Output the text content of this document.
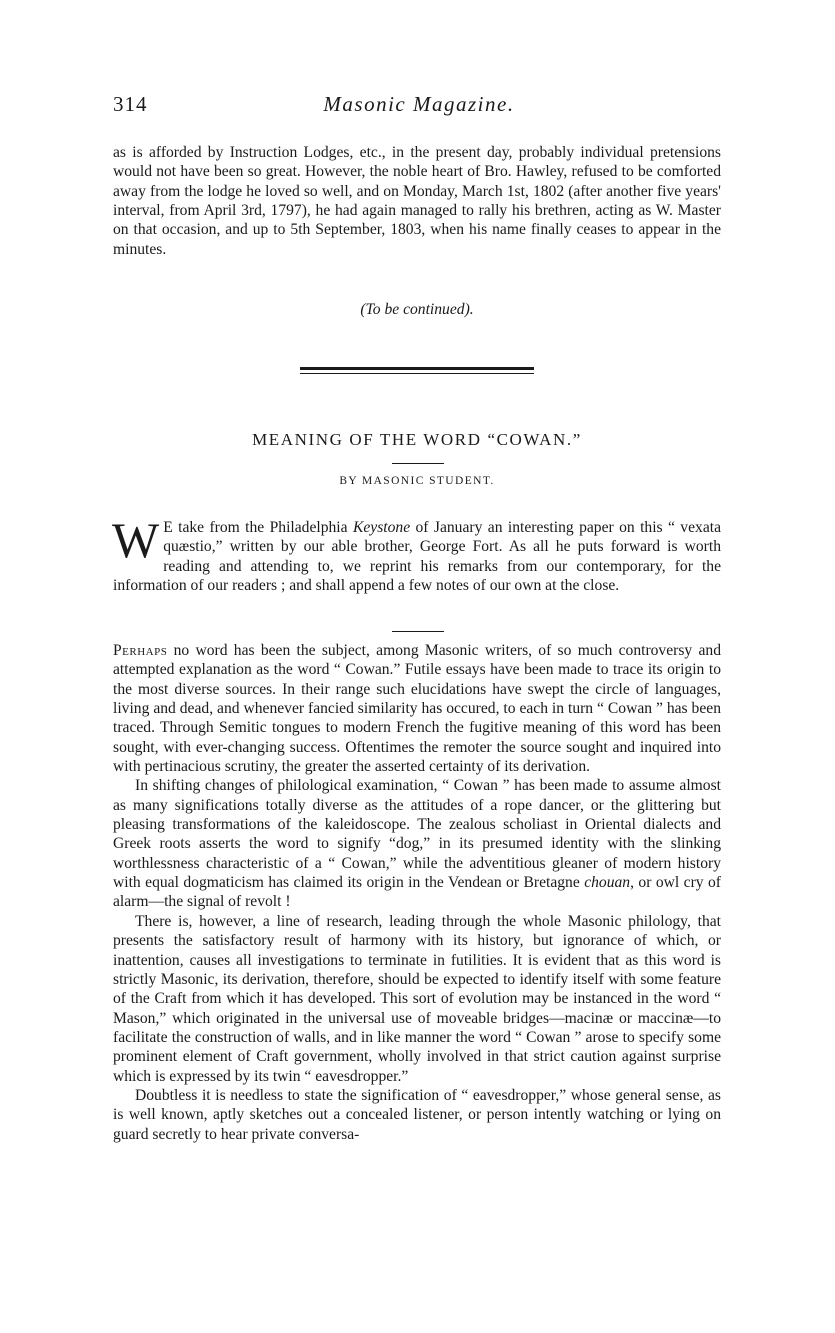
314	Masonic Magazine.

as is afforded by Instruction Lodges, etc., in the present day, probably individual pretensions would not have been so great. However, the noble heart of Bro. Hawley, refused to be comforted away from the lodge he loved so well, and on Monday, March 1st, 1802 (after another five years' interval, from April 3rd, 1797), he had again managed to rally his brethren, acting as W. Master on that occasion, and up to 5th September, 1803, when his name finally ceases to appear in the minutes.

(To be continued).
MEANING OF THE WORD “COWAN.”
BY MASONIC STUDENT.

W E take from the Philadelphia Keystone of January an interesting paper on this “ vexata quæstio,” written by our able brother, George Fort. As all he puts forward is worth reading and attending to, we reprint his remarks from our contemporary, for the information of our readers ; and shall append a few notes of our own at the close.

Perhaps no word has been the subject, among Masonic writers, of so much controversy and attempted explanation as the word “ Cowan.” Futile essays have been made to trace its origin to the most diverse sources. In their range such elucidations have swept the circle of languages, living and dead, and whenever fancied similarity has occured, to each in turn “ Cowan ” has been traced. Through Semitic tongues to modern French the fugitive meaning of this word has been sought, with ever-changing success. Oftentimes the remoter the source sought and inquired into with pertinacious scrutiny, the greater the asserted certainty of its derivation.

In shifting changes of philological examination, “ Cowan ” has been made to assume almost as many significations totally diverse as the attitudes of a rope dancer, or the glittering but pleasing transformations of the kaleidoscope. The zealous scholiast in Oriental dialects and Greek roots asserts the word to signify “dog,” in its presumed identity with the slinking worthlessness characteristic of a “ Cowan,” while the adventitious gleaner of modern history with equal dogmaticism has claimed its origin in the Vendean or Bretagne chouan, or owl cry of alarm—the signal of revolt !

There is, however, a line of research, leading through the whole Masonic philology, that presents the satisfactory result of harmony with its history, but ignorance of which, or inattention, causes all investigations to terminate in futilities. It is evident that as this word is strictly Masonic, its derivation, therefore, should be expected to identify itself with some feature of the Craft from which it has developed. This sort of evolution may be instanced in the word “ Mason,” which originated in the universal use of moveable bridges—macinæ or maccinæ—to facilitate the construction of walls, and in like manner the word “ Cowan ” arose to specify some prominent element of Craft government, wholly involved in that strict caution against surprise which is expressed by its twin “ eavesdropper.”

Doubtless it is needless to state the signification of “ eavesdropper,” whose general sense, as is well known, aptly sketches out a concealed listener, or person intently watching or lying on guard secretly to hear private conversa-
